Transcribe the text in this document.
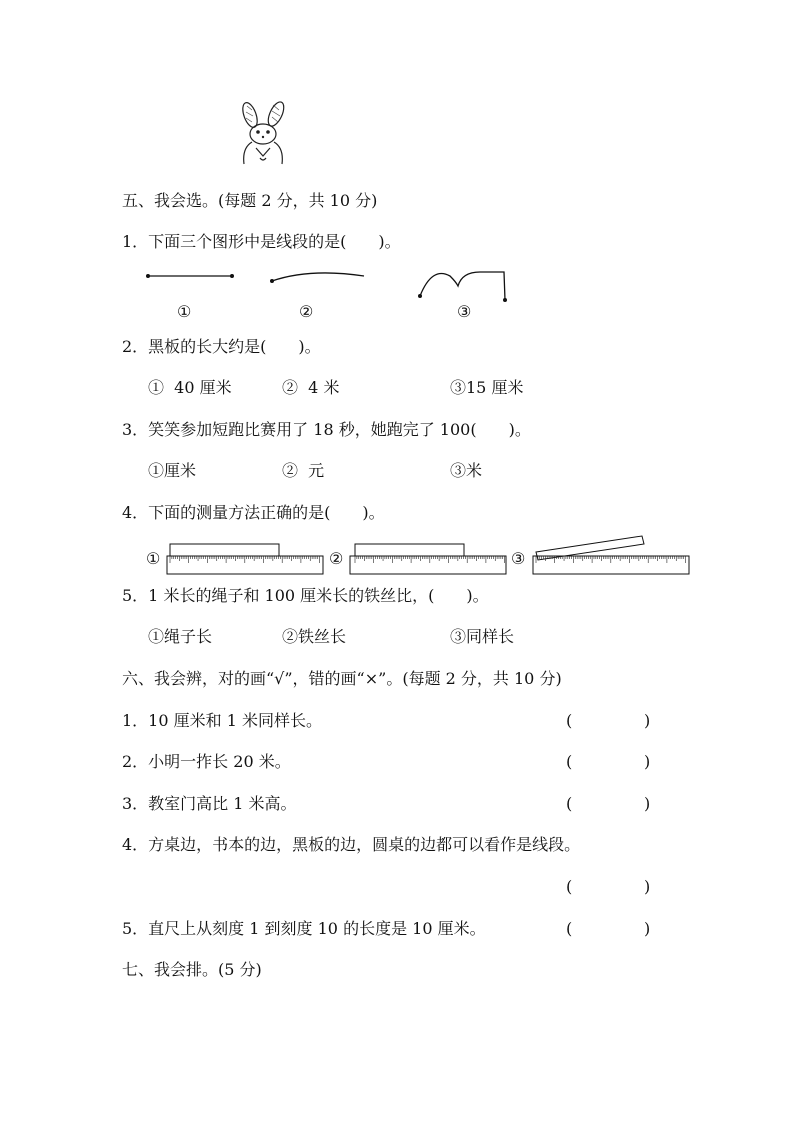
五、我会选。(每题 2 分，共 10 分)
1．下面三个图形中是线段的是(　　)。
①	②	③
2．黑板的长大约是(　　)。
①  40 厘米	②  4 米	③15 厘米
3．笑笑参加短跑比赛用了 18 秒，她跑完了 100(　　)。
①厘米	②  元	③米
4．下面的测量方法正确的是(　　)。
①	②	③
5．1 米长的绳子和 100 厘米长的铁丝比，(　　)。
①绳子长	②铁丝长	③同样长
六、我会辨，对的画“√”，错的画“×”。(每题 2 分，共 10 分)
1．10 厘米和 1 米同样长。	(	)
2．小明一拃长 20 米。	(	)
3．教室门高比 1 米高。	(	)
4．方桌边，书本的边，黑板的边，圆桌的边都可以看作是线段。
(	)
5．直尺上从刻度 1 到刻度 10 的长度是 10 厘米。	(	)
七、我会排。(5 分)
